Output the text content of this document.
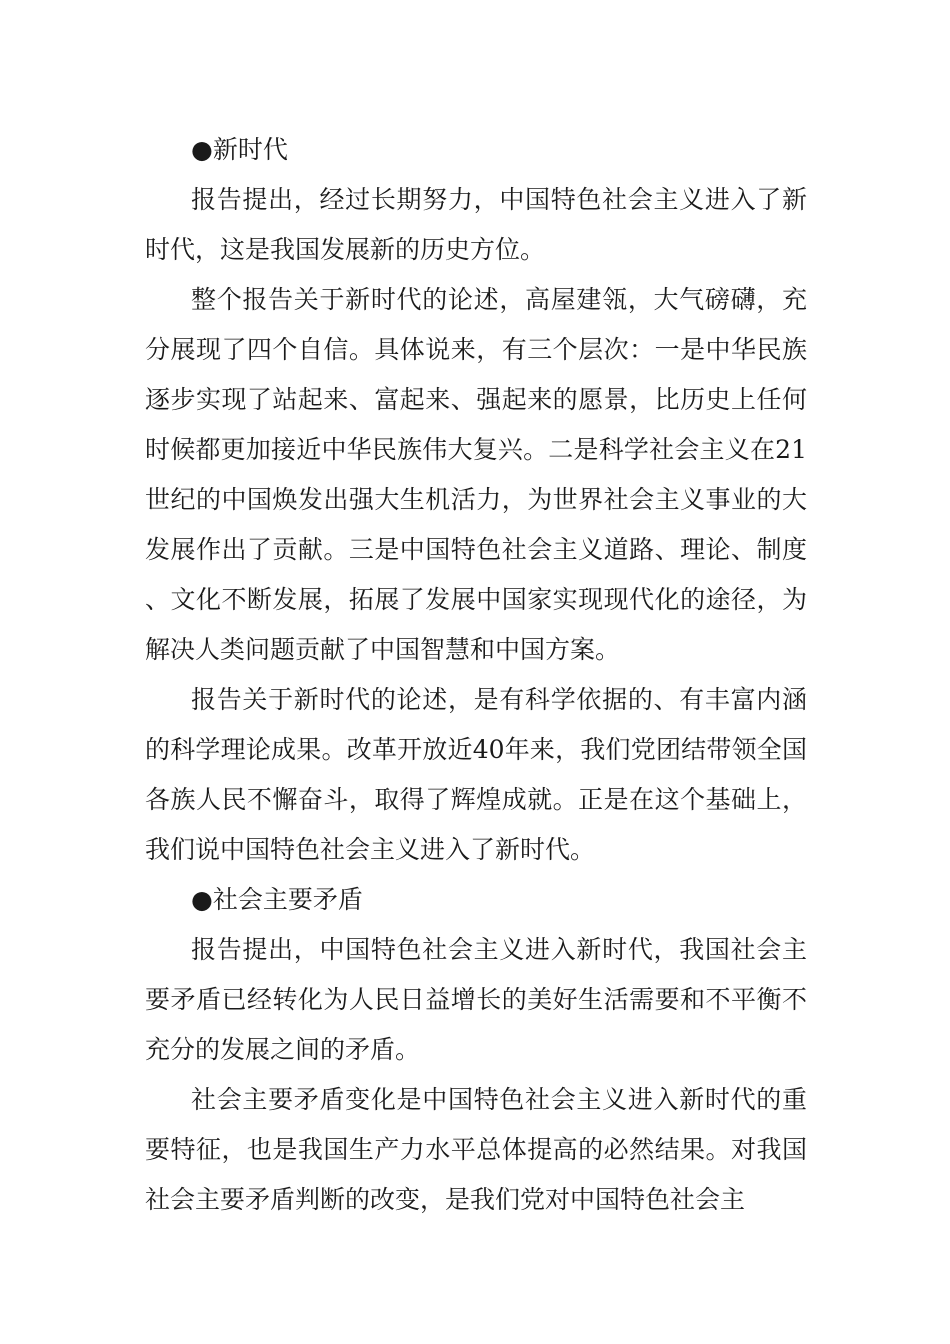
●新时代

报告提出，经过长期努力，中国特色社会主义进入了新时代，这是我国发展新的历史方位。

整个报告关于新时代的论述，高屋建瓴，大气磅礴，充分展现了四个自信。具体说来，有三个层次：一是中华民族逐步实现了站起来、富起来、强起来的愿景，比历史上任何时候都更加接近中华民族伟大复兴。二是科学社会主义在21世纪的中国焕发出强大生机活力，为世界社会主义事业的大发展作出了贡献。三是中国特色社会主义道路、理论、制度、文化不断发展，拓展了发展中国家实现现代化的途径，为解决人类问题贡献了中国智慧和中国方案。

报告关于新时代的论述，是有科学依据的、有丰富内涵的科学理论成果。改革开放近40年来，我们党团结带领全国各族人民不懈奋斗，取得了辉煌成就。正是在这个基础上，我们说中国特色社会主义进入了新时代。

●社会主要矛盾

报告提出，中国特色社会主义进入新时代，我国社会主要矛盾已经转化为人民日益增长的美好生活需要和不平衡不充分的发展之间的矛盾。

社会主要矛盾变化是中国特色社会主义进入新时代的重要特征，也是我国生产力水平总体提高的必然结果。对我国社会主要矛盾判断的改变，是我们党对中国特色社会主
